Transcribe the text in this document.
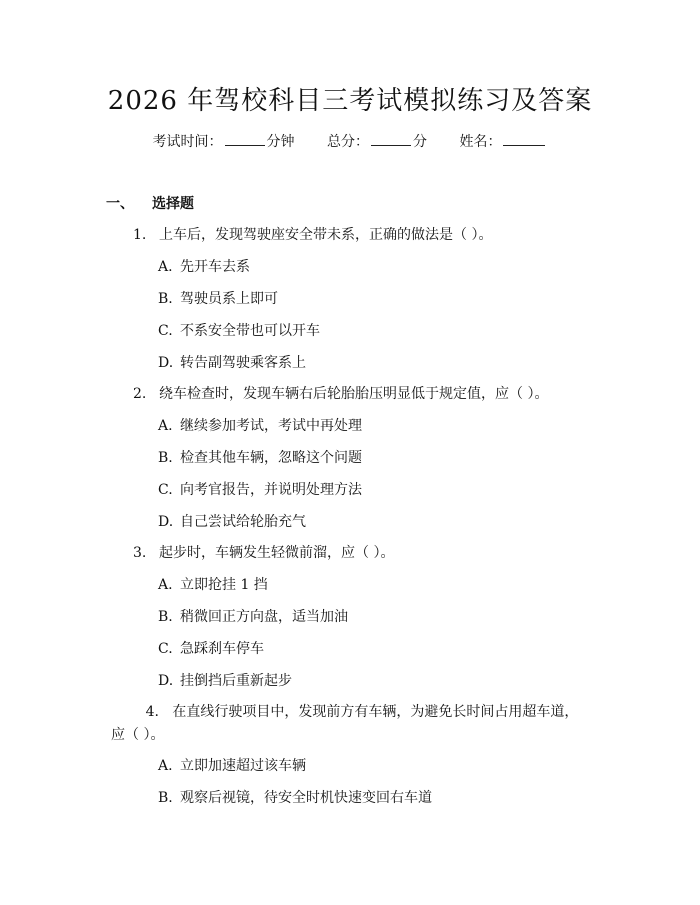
2026 年驾校科目三考试模拟练习及答案
考试时间：	分钟 总分：	分 姓名：
一、 选择题
1. 上车后，发现驾驶座安全带未系，正确的做法是（ ）。
A. 先开车去系
B. 驾驶员系上即可
C. 不系安全带也可以开车
D. 转告副驾驶乘客系上
2. 绕车检查时，发现车辆右后轮胎胎压明显低于规定值，应（ ）。
A. 继续参加考试，考试中再处理
B. 检查其他车辆，忽略这个问题
C. 向考官报告，并说明处理方法
D. 自己尝试给轮胎充气
3. 起步时，车辆发生轻微前溜，应（ ）。
A. 立即抢挂 1 挡
B. 稍微回正方向盘，适当加油
C. 急踩刹车停车
D. 挂倒挡后重新起步
4. 在直线行驶项目中，发现前方有车辆，为避免长时间占用超车道，应（ ）。
A. 立即加速超过该车辆
B. 观察后视镜，待安全时机快速变回右车道
